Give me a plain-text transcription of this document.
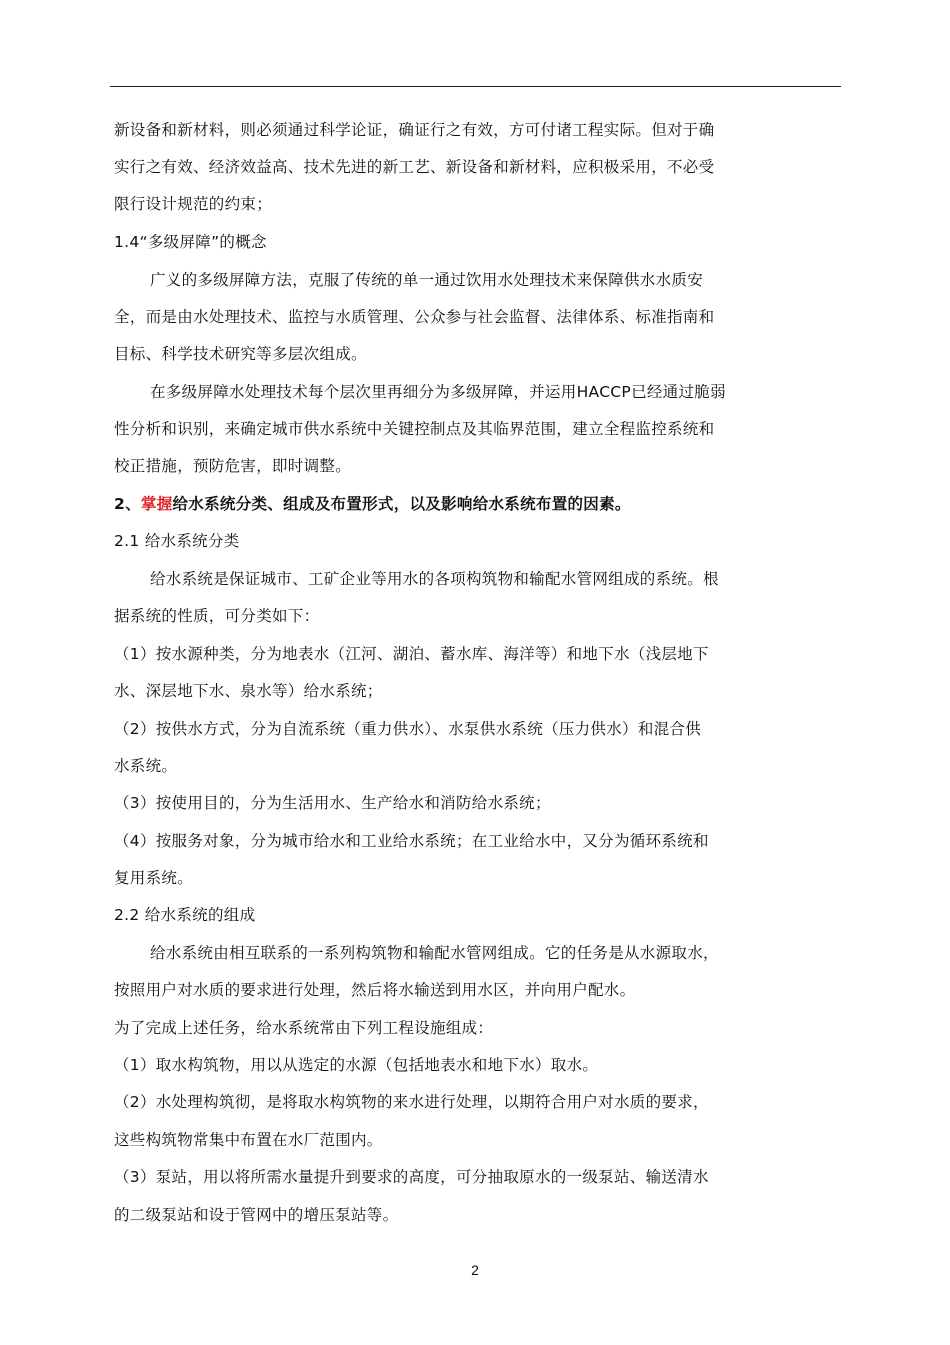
新设备和新材料，则必须通过科学论证，确证行之有效，方可付诸工程实际。但对于确
实行之有效、经济效益高、技术先进的新工艺、新设备和新材料，应积极采用，不必受
限行设计规范的约束；
1.4“多级屏障”的概念
广义的多级屏障方法，克服了传统的单一通过饮用水处理技术来保障供水水质安
全，而是由水处理技术、监控与水质管理、公众参与社会监督、法律体系、标准指南和
目标、科学技术研究等多层次组成。
在多级屏障水处理技术每个层次里再细分为多级屏障，并运用HACCP已经通过脆弱
性分析和识别，来确定城市供水系统中关键控制点及其临界范围，建立全程监控系统和
校正措施，预防危害，即时调整。
2、掌握给水系统分类、组成及布置形式，以及影响给水系统布置的因素。
2.1 给水系统分类
给水系统是保证城市、工矿企业等用水的各项构筑物和输配水管网组成的系统。根
据系统的性质，可分类如下：
（1）按水源种类，分为地表水（江河、湖泊、蓄水库、海洋等）和地下水（浅层地下
水、深层地下水、泉水等）给水系统；
（2）按供水方式，分为自流系统（重力供水）、水泵供水系统（压力供水）和混合供
水系统。
（3）按使用目的，分为生活用水、生产给水和消防给水系统；
（4）按服务对象，分为城市给水和工业给水系统；在工业给水中，又分为循环系统和
复用系统。
2.2 给水系统的组成
给水系统由相互联系的一系列构筑物和输配水管网组成。它的任务是从水源取水，
按照用户对水质的要求进行处理，然后将水输送到用水区，并向用户配水。
为了完成上述任务，给水系统常由下列工程设施组成：
（1）取水构筑物，用以从选定的水源（包括地表水和地下水）取水。
（2）水处理构筑彻，是将取水构筑物的来水进行处理，以期符合用户对水质的要求，
这些构筑物常集中布置在水厂范围内。
（3）泵站，用以将所需水量提升到要求的高度，可分抽取原水的一级泵站、输送清水
的二级泵站和设于管网中的增压泵站等。
2
